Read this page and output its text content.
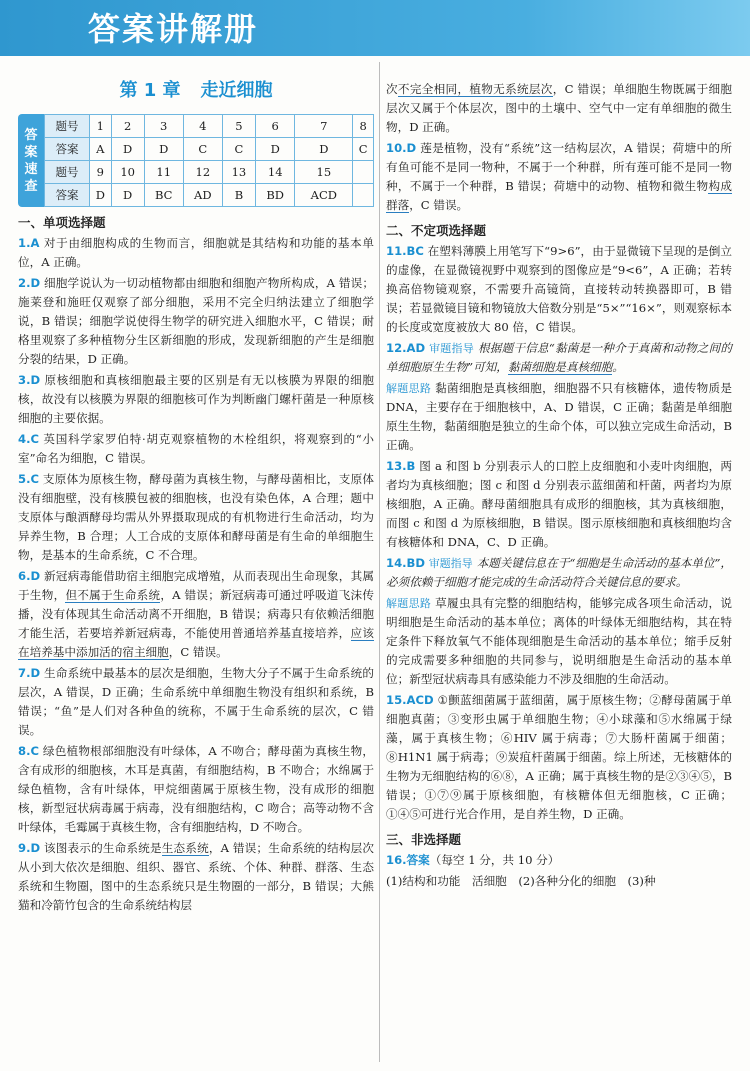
答案讲解册
第 1 章 走近细胞
答
案
速
查
题号	1	2	3	4	5	6	7	8
答案	A	D	D	C	C	D	D	C
题号	9	10	11	12	13	14	15	
答案	D	D	BC	AD	B	BD	ACD	
一、单项选择题

1.A 对于由细胞构成的生物而言，细胞就是其结构和功能的基本单位，A 正确。

2.D 细胞学说认为一切动植物都由细胞和细胞产物所构成，A 错误；施莱登和施旺仅观察了部分细胞，采用不完全归纳法建立了细胞学说，B 错误；细胞学说使得生物学的研究进入细胞水平，C 错误；耐格里观察了多种植物分生区新细胞的形成，发现新细胞的产生是细胞分裂的结果，D 正确。

3.D 原核细胞和真核细胞最主要的区别是有无以核膜为界限的细胞核，故没有以核膜为界限的细胞核可作为判断幽门螺杆菌是一种原核细胞的主要依据。

4.C 英国科学家罗伯特·胡克观察植物的木栓组织，将观察到的“小室”命名为细胞，C 错误。

5.C 支原体为原核生物，酵母菌为真核生物，与酵母菌相比，支原体没有细胞壁，没有核膜包被的细胞核，也没有染色体，A 合理；题中支原体与酿酒酵母均需从外界摄取现成的有机物进行生命活动，均为异养生物，B 合理；人工合成的支原体和酵母菌是有生命的单细胞生物，是基本的生命系统，C 不合理。

6.D 新冠病毒能借助宿主细胞完成增殖，从而表现出生命现象，其属于生物，但不属于生命系统，A 错误；新冠病毒可通过呼吸道飞沫传播，没有体现其生命活动离不开细胞，B 错误；病毒只有依赖活细胞才能生活，若要培养新冠病毒，不能使用普通培养基直接培养，应该在培养基中添加活的宿主细胞，C 错误。

7.D 生命系统中最基本的层次是细胞，生物大分子不属于生命系统的层次，A 错误，D 正确；生命系统中单细胞生物没有组织和系统，B 错误；“鱼”是人们对各种鱼的统称，不属于生命系统的层次，C 错误。

8.C 绿色植物根部细胞没有叶绿体，A 不吻合；酵母菌为真核生物，含有成形的细胞核，木耳是真菌，有细胞结构，B 不吻合；水绵属于绿色植物，含有叶绿体，甲烷细菌属于原核生物，没有成形的细胞核，新型冠状病毒属于病毒，没有细胞结构，C 吻合；高等动物不含叶绿体，毛霉属于真核生物，含有细胞结构，D 不吻合。

9.D 该图表示的生命系统是生态系统，A 错误；生命系统的结构层次从小到大依次是细胞、组织、器官、系统、个体、种群、群落、生态系统和生物圈，图中的生态系统只是生物圈的一部分，B 错误；大熊猫和冷箭竹包含的生命系统结构层

次不完全相同，植物无系统层次，C 错误；单细胞生物既属于细胞层次又属于个体层次，图中的土壤中、空气中一定有单细胞的微生物，D 正确。

10.D 莲是植物，没有“系统”这一结构层次，A 错误；荷塘中的所有鱼可能不是同一物种，不属于一个种群，所有莲可能不是同一物种，不属于一个种群，B 错误；荷塘中的动物、植物和微生物构成群落，C 错误。

二、不定项选择题

11.BC 在塑料薄膜上用笔写下“9>6”，由于显微镜下呈现的是倒立的虚像，在显微镜视野中观察到的图像应是“9<6”，A 正确；若转换高倍物镜观察，不需要升高镜筒，直接转动转换器即可，B 错误；若显微镜目镜和物镜放大倍数分别是“5×”“16×”，则观察标本的长度或宽度被放大 80 倍，C 错误。

12.AD 审题指导 根据题干信息“黏菌是一种介于真菌和动物之间的单细胞原生生物”可知，黏菌细胞是真核细胞。

解题思路 黏菌细胞是真核细胞，细胞器不只有核糖体，遗传物质是 DNA，主要存在于细胞核中，A、D 错误，C 正确；黏菌是单细胞原生生物，黏菌细胞是独立的生命个体，可以独立完成生命活动，B 正确。

13.B 图 a 和图 b 分别表示人的口腔上皮细胞和小麦叶肉细胞，两者均为真核细胞；图 c 和图 d 分别表示蓝细菌和杆菌，两者均为原核细胞，A 正确。酵母菌细胞具有成形的细胞核，其为真核细胞，而图 c 和图 d 为原核细胞，B 错误。图示原核细胞和真核细胞均含有核糖体和 DNA，C、D 正确。

14.BD 审题指导 本题关键信息在于“细胞是生命活动的基本单位”，必须依赖于细胞才能完成的生命活动符合关键信息的要求。

解题思路 草履虫具有完整的细胞结构，能够完成各项生命活动，说明细胞是生命活动的基本单位；离体的叶绿体无细胞结构，其在特定条件下释放氧气不能体现细胞是生命活动的基本单位；缩手反射的完成需要多种细胞的共同参与，说明细胞是生命活动的基本单位；新型冠状病毒具有感染能力不涉及细胞的生命活动。

15.ACD ①颤蓝细菌属于蓝细菌，属于原核生物；②酵母菌属于单细胞真菌；③变形虫属于单细胞生物；④小球藻和⑤水绵属于绿藻，属于真核生物；⑥HIV 属于病毒；⑦大肠杆菌属于细菌；⑧H1N1 属于病毒；⑨炭疽杆菌属于细菌。综上所述，无核糖体的生物为无细胞结构的⑥⑧，A 正确；属于真核生物的是②③④⑤，B 错误；①⑦⑨属于原核细胞，有核糖体但无细胞核，C 正确；①④⑤可进行光合作用，是自养生物，D 正确。

三、非选择题

16.答案（每空 1 分，共 10 分）

(1)结构和功能　活细胞　(2)各种分化的细胞　(3)种
